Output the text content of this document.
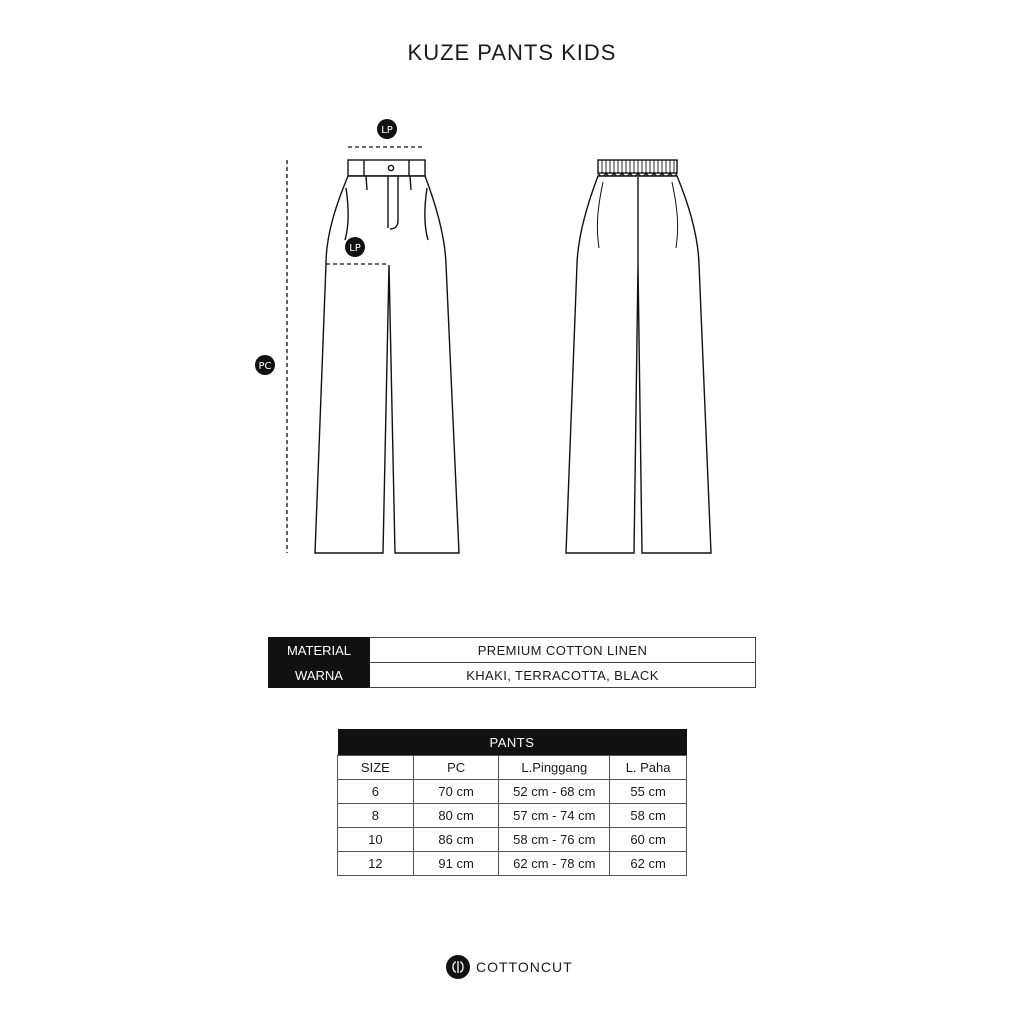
KUZE PANTS KIDS
LP
LP
PC
MATERIAL	PREMIUM COTTON LINEN
WARNA	KHAKI, TERRACOTTA, BLACK
PANTS			
SIZE	PC	L.Pinggang	L. Paha
6	70 cm	52 cm - 68 cm	55 cm
8	80 cm	57 cm - 74 cm	58 cm
10	86 cm	58 cm - 76 cm	60 cm
12	91 cm	62 cm - 78 cm	62 cm
COTTONCUT
